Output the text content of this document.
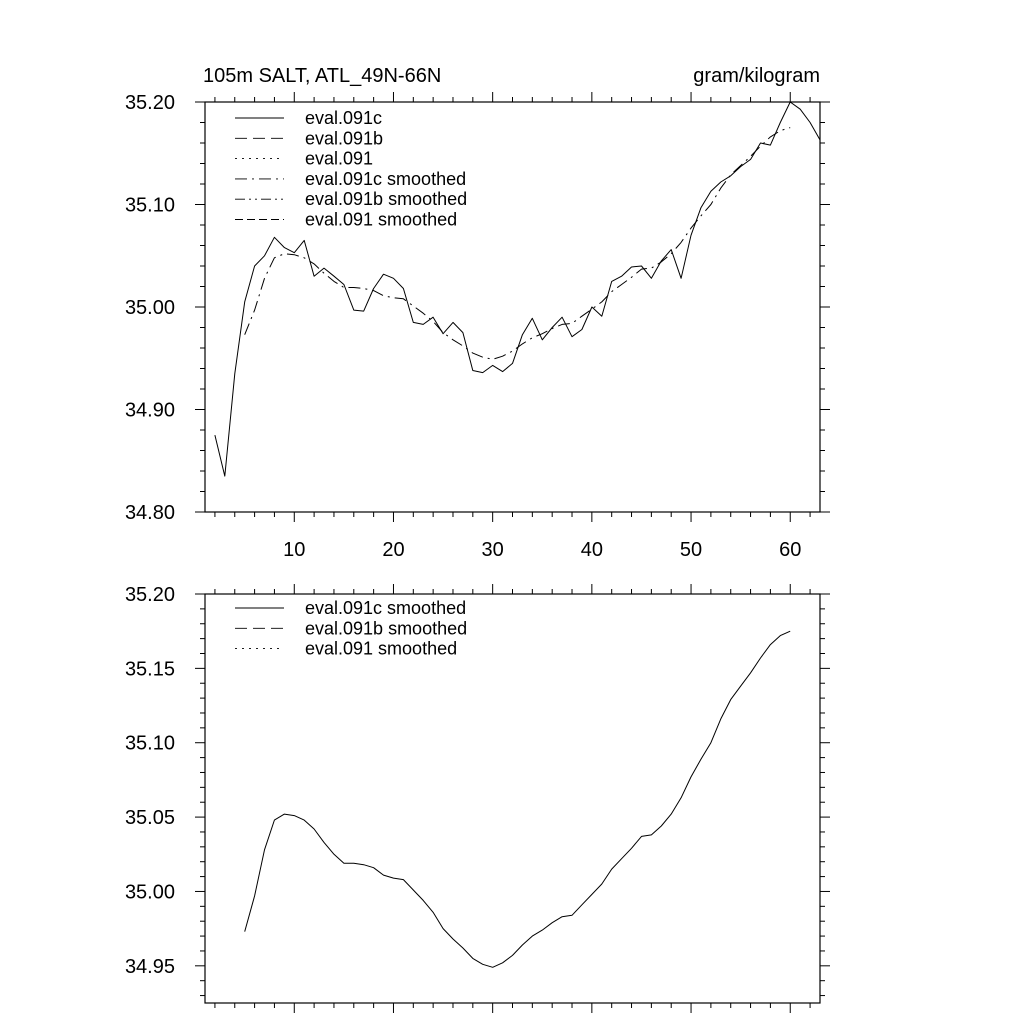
10	20	30	40	50	60
34.80
34.90
35.00
35.10
35.20
105m SALT, ATL_49N-66N	gram/kilogram
eval.091c
eval.091b
eval.091
eval.091c smoothed
eval.091b smoothed
eval.091 smoothed
34.95
35.00
35.05
35.10
35.15
35.20
eval.091c smoothed
eval.091b smoothed
eval.091 smoothed
